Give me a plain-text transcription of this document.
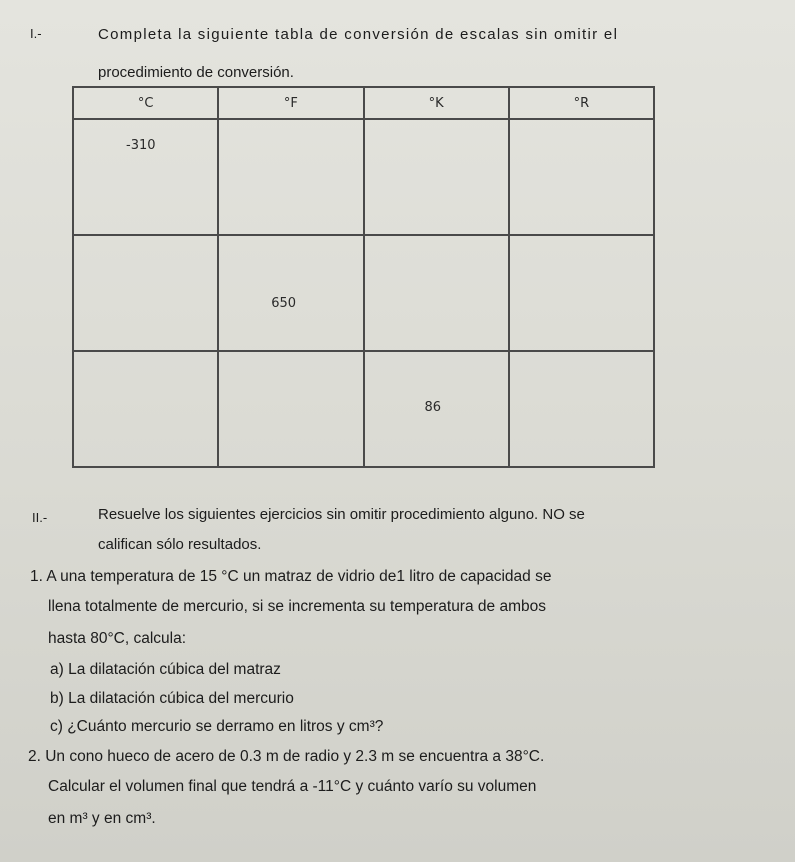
I.-	Completa la siguiente tabla de conversión de escalas sin omitir el
procedimiento de conversión.
°C	°F	°K	°R

-310			

	650		

		86	

II.-	Resuelve los siguientes ejercicios sin omitir procedimiento alguno. NO se
califican sólo resultados.
1. A una temperatura de 15 °C un matraz de vidrio de1 litro de capacidad se
llena totalmente de mercurio, si se incrementa su temperatura de ambos
hasta 80°C, calcula:
a) La dilatación cúbica del matraz
b) La dilatación cúbica del mercurio
c) ¿Cuánto mercurio se derramo en litros y cm³?
2. Un cono hueco de acero de 0.3 m de radio y 2.3 m se encuentra a 38°C.
Calcular el volumen final que tendrá a -11°C y cuánto varío su volumen
en m³ y en cm³.
